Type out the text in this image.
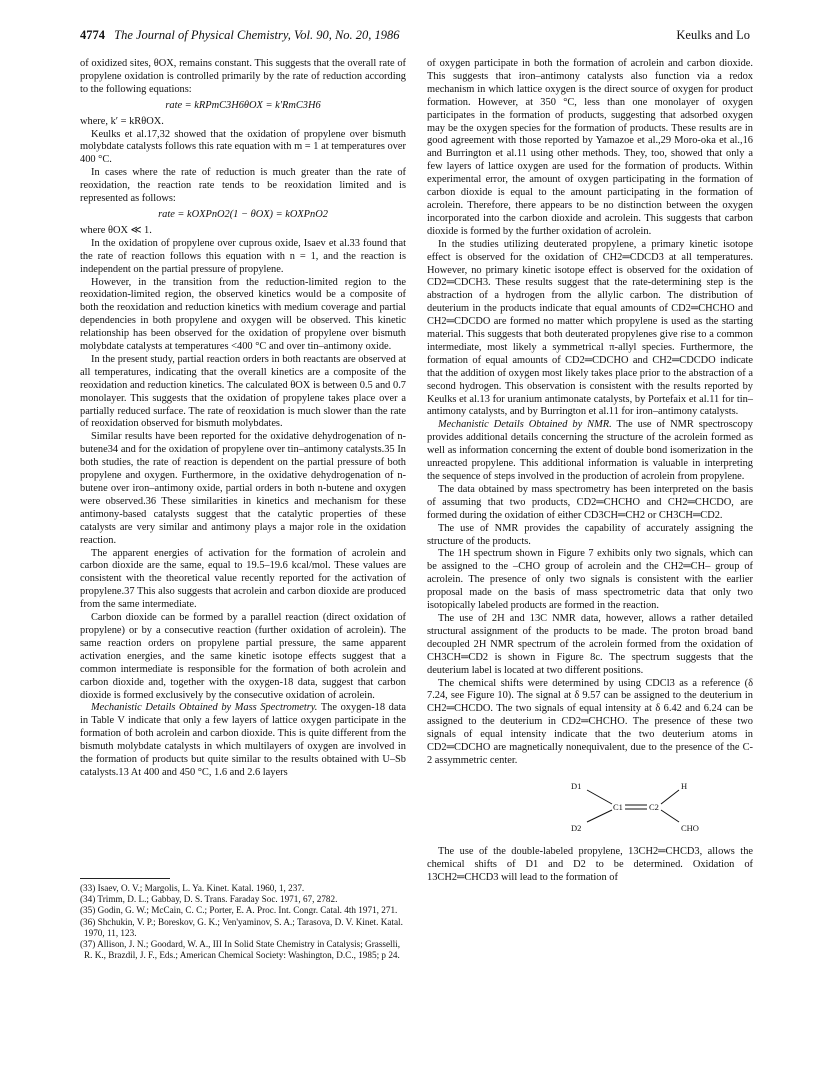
4774 The Journal of Physical Chemistry, Vol. 90, No. 20, 1986	Keulks and Lo

of oxidized sites, θOX, remains constant. This suggests that the overall rate of propylene oxidation is controlled primarily by the rate of reduction according to the following equations:

rate = kRPmC3H6θOX = k′RmC3H6

where, k′ = kRθOX.

Keulks et al.17,32 showed that the oxidation of propylene over bismuth molybdate catalysts follows this rate equation with m = 1 at temperatures over 400 °C.

In cases where the rate of reduction is much greater than the rate of reoxidation, the reaction rate tends to be reoxidation limited and is represented as follows:

rate = kOXPnO2(1 − θOX) = kOXPnO2

where θOX ≪ 1.

In the oxidation of propylene over cuprous oxide, Isaev et al.33 found that the rate of reaction follows this equation with n = 1, and the reaction is independent on the partial pressure of propylene.

However, in the transition from the reduction-limited region to the reoxidation-limited region, the observed kinetics would be a composite of both the reoxidation and reduction kinetics with medium coverage and partial dependencies in both propylene and oxygen will be observed. This kinetic relationship has been observed for the oxidation of propylene over bismuth molybdate catalysts at temperatures <400 °C and over tin–antimony oxide.

In the present study, partial reaction orders in both reactants are observed at all temperatures, indicating that the overall kinetics are a composite of the reoxidation and reduction kinetics. The calculated θOX is between 0.5 and 0.7 monolayer. This suggests that the oxidation of propylene takes place over a partially reduced surface. The rate of reoxidation is much slower than the rate of reoxidation observed for bismuth molybdates.

Similar results have been reported for the oxidative dehydrogenation of n-butene34 and for the oxidation of propylene over tin–antimony catalysts.35 In both studies, the rate of reaction is dependent on the partial pressure of both propylene and oxygen. Furthermore, in the oxidative dehydrogenation of n-butene over iron–antimony oxide, partial orders in both n-butene and oxygen were observed.36 These similarities in kinetics and mechanism for these antimony-based catalysts suggest that the catalytic properties of these catalysts are very similar and antimony plays a major role in the oxidation reaction.

The apparent energies of activation for the formation of acrolein and carbon dioxide are the same, equal to 19.5–19.6 kcal/mol. These values are consistent with the theoretical value recently reported for the activation of propylene.37 This also suggests that acrolein and carbon dioxide are produced from the same intermediate.

Carbon dioxide can be formed by a parallel reaction (direct oxidation of propylene) or by a consecutive reaction (further oxidation of acrolein). The same reaction orders on propylene partial pressure, the same apparent activation energies, and the same kinetic isotope effects suggest that a common intermediate is responsible for the formation of both acrolein and carbon dioxide and, together with the oxygen-18 data, suggest that carbon dioxide is formed exclusively by the consecutive oxidation of acrolein.

Mechanistic Details Obtained by Mass Spectrometry. The oxygen-18 data in Table V indicate that only a few layers of lattice oxygen participate in the formation of both acrolein and carbon dioxide. This is quite different from the bismuth molybdate catalysts in which multilayers of oxygen are involved in the formation of products but quite similar to the results obtained with U–Sb catalysts.13 At 400 and 450 °C, 1.6 and 2.6 layers

(33) Isaev, O. V.; Margolis, L. Ya. Kinet. Katal. 1960, 1, 237.
(34) Trimm, D. L.; Gabbay, D. S. Trans. Faraday Soc. 1971, 67, 2782.
(35) Godin, G. W.; McCain, C. C.; Porter, E. A. Proc. Int. Congr. Catal. 4th 1971, 271.
(36) Shchukin, V. P.; Boreskov, G. K.; Ven'yaminov, S. A.; Tarasova, D. V. Kinet. Katal. 1970, 11, 123.
(37) Allison, J. N.; Goodard, W. A., III In Solid State Chemistry in Catalysis; Grasselli, R. K., Brazdil, J. F., Eds.; American Chemical Society: Washington, D.C., 1985; p 24.

of oxygen participate in both the formation of acrolein and carbon dioxide. This suggests that iron–antimony catalysts also function via a redox mechanism in which lattice oxygen is the direct source of oxygen for product formation. However, at 350 °C, less than one monolayer of oxygen participates in the formation of products, suggesting that adsorbed oxygen may be the oxygen species for the formation of products. These results are in good agreement with those reported by Yamazoe et al.,29 Moro-oka et al.,16 and Burrington et al.11 using other methods. They, too, showed that only a few layers of lattice oxygen are used for the formation of products. Within experimental error, the amount of oxygen participating in the formation of carbon dioxide is equal to the amount participating in the formation of acrolein. Therefore, there appears to be no distinction between the oxygen incorporated into the carbon dioxide and acrolein. This suggests that carbon dioxide is formed by the further oxidation of acrolein.

In the studies utilizing deuterated propylene, a primary kinetic isotope effect is observed for the oxidation of CH2═CDCD3 at all temperatures. However, no primary kinetic isotope effect is observed for the oxidation of CD2═CDCH3. These results suggest that the rate-determining step is the abstraction of a hydrogen from the allylic carbon. The distribution of deuterium in the products indicate that equal amounts of CD2═CHCHO and CH2═CDCDO are formed no matter which propylene is used as the starting material. This suggests that both deuterated propylenes give rise to a common intermediate, most likely a symmetrical π-allyl species. Furthermore, the formation of equal amounts of CD2═CDCHO and CH2═CDCDO indicate that the addition of oxygen most likely takes place prior to the abstraction of a second hydrogen. This observation is consistent with the results reported by Keulks et al.13 for uranium antimonate catalysts, by Portefaix et al.11 for tin–antimony catalysts, and by Burrington et al.11 for iron–antimony catalysts.

Mechanistic Details Obtained by NMR. The use of NMR spectroscopy provides additional details concerning the structure of the acrolein formed as well as information concerning the extent of double bond isomerization in the unreacted propylene. This additional information is valuable in interpreting the sequence of steps involved in the production of acrolein from propylene.

The data obtained by mass spectrometry has been interpreted on the basis of assuming that two products, CD2═CHCHO and CH2═CHCDO, are formed during the oxidation of either CD3CH═CH2 or CH3CH═CD2.

The use of NMR provides the capability of accurately assigning the structure of the products.

The 1H spectrum shown in Figure 7 exhibits only two signals, which can be assigned to the –CHO group of acrolein and the CH2═CH– group of acrolein. The presence of only two signals is consistent with the earlier proposal made on the basis of mass spectrometric data that only two isotopically labeled products are formed in the reaction.

The use of 2H and 13C NMR data, however, allows a rather detailed structural assignment of the products to be made. The proton broad band decoupled 2H NMR spectrum of the acrolein formed from the oxidation of CH3CH═CD2 is shown in Figure 8c. The spectrum suggests that the deuterium label is located at two different positions.

The chemical shifts were determined by using CDCl3 as a reference (δ 7.24, see Figure 10). The signal at δ 9.57 can be assigned to the deuterium in CH2═CHCDO. The two signals of equal intensity at δ 6.42 and 6.24 can be assigned to the deuterium in CD2═CHCHO. The presence of these two signals of equal intensity indicate that the two deuterium atoms in CD2═CDCHO are magnetically nonequivalent, due to the presence of the C-2 assymmetric center.

D1
D2
C1	C2
H
CHO

The use of the double-labeled propylene, 13CH2═CHCD3, allows the chemical shifts of D1 and D2 to be determined. Oxidation of 13CH2═CHCD3 will lead to the formation of
